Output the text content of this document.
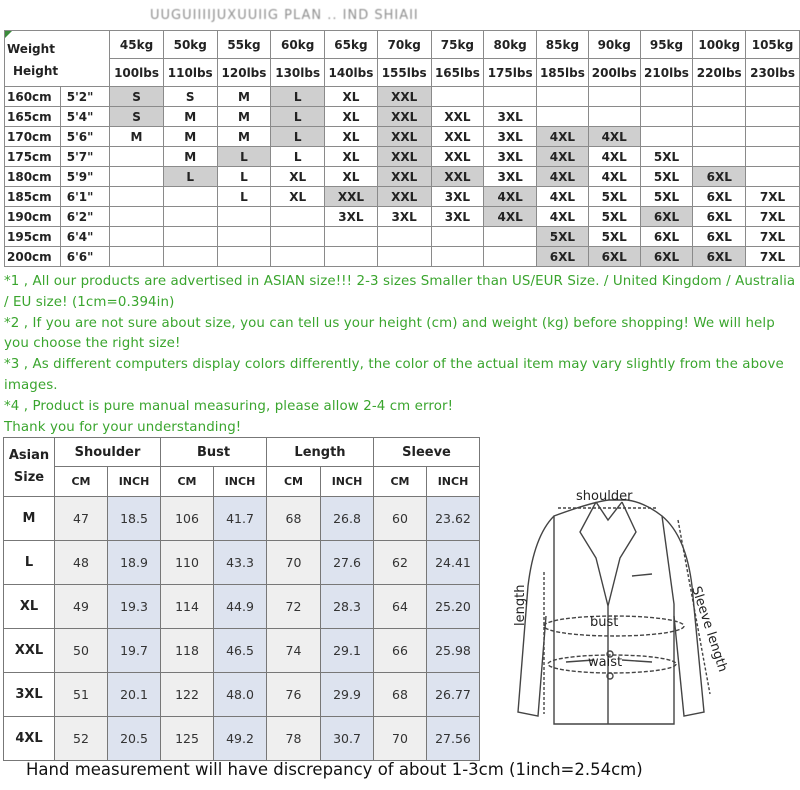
UUGUIIIIJUXUUIIG PLAN .. IND SHIAII
Weight
Height		45kg	50kg	55kg	60kg	65kg	70kg	75kg	80kg	85kg	90kg	95kg	100kg	105kg
		100lbs	110lbs	120lbs	130lbs	140lbs	155lbs	165lbs	175lbs	185lbs	200lbs	210lbs	220lbs	230lbs
160cm	5'2"	S	S	M	L	XL	XXL							
165cm	5'4"	S	M	M	L	XL	XXL	XXL	3XL					
170cm	5'6"	M	M	M	L	XL	XXL	XXL	3XL	4XL	4XL			
175cm	5'7"		M	L	L	XL	XXL	XXL	3XL	4XL	4XL	5XL		
180cm	5'9"		L	L	XL	XL	XXL	XXL	3XL	4XL	4XL	5XL	6XL	
185cm	6'1"			L	XL	XXL	XXL	3XL	4XL	4XL	5XL	5XL	6XL	7XL
190cm	6'2"					3XL	3XL	3XL	4XL	4XL	5XL	6XL	6XL	7XL
195cm	6'4"									5XL	5XL	6XL	6XL	7XL
200cm	6'6"									6XL	6XL	6XL	6XL	7XL

*1 , All our products are advertised in ASIAN size!!! 2-3 sizes Smaller than US/EUR Size. / United Kingdom / Australia / EU size! (1cm=0.394in)

*2 , If you are not sure about size, you can tell us your height (cm) and weight (kg) before shopping! We will help you choose the right size!

*3 , As different computers display colors differently, the color of the actual item may vary slightly from the above images.

*4 , Product is pure manual measuring, please allow 2-4 cm error!

Thank you for your understanding!

Asian Size	Shoulder		Bust		Length		Sleeve	
	CM	INCH	CM	INCH	CM	INCH	CM	INCH
M	47	18.5	106	41.7	68	26.8	60	23.62
L	48	18.9	110	43.3	70	27.6	62	24.41
XL	49	19.3	114	44.9	72	28.3	64	25.20
XXL	50	19.7	118	46.5	74	29.1	66	25.98
3XL	51	20.1	122	48.0	76	29.9	68	26.77
4XL	52	20.5	125	49.2	78	30.7	70	27.56
shoulder
length	Sleeve length
bust
waist
Hand measurement will have discrepancy of about 1-3cm (1inch=2.54cm)
